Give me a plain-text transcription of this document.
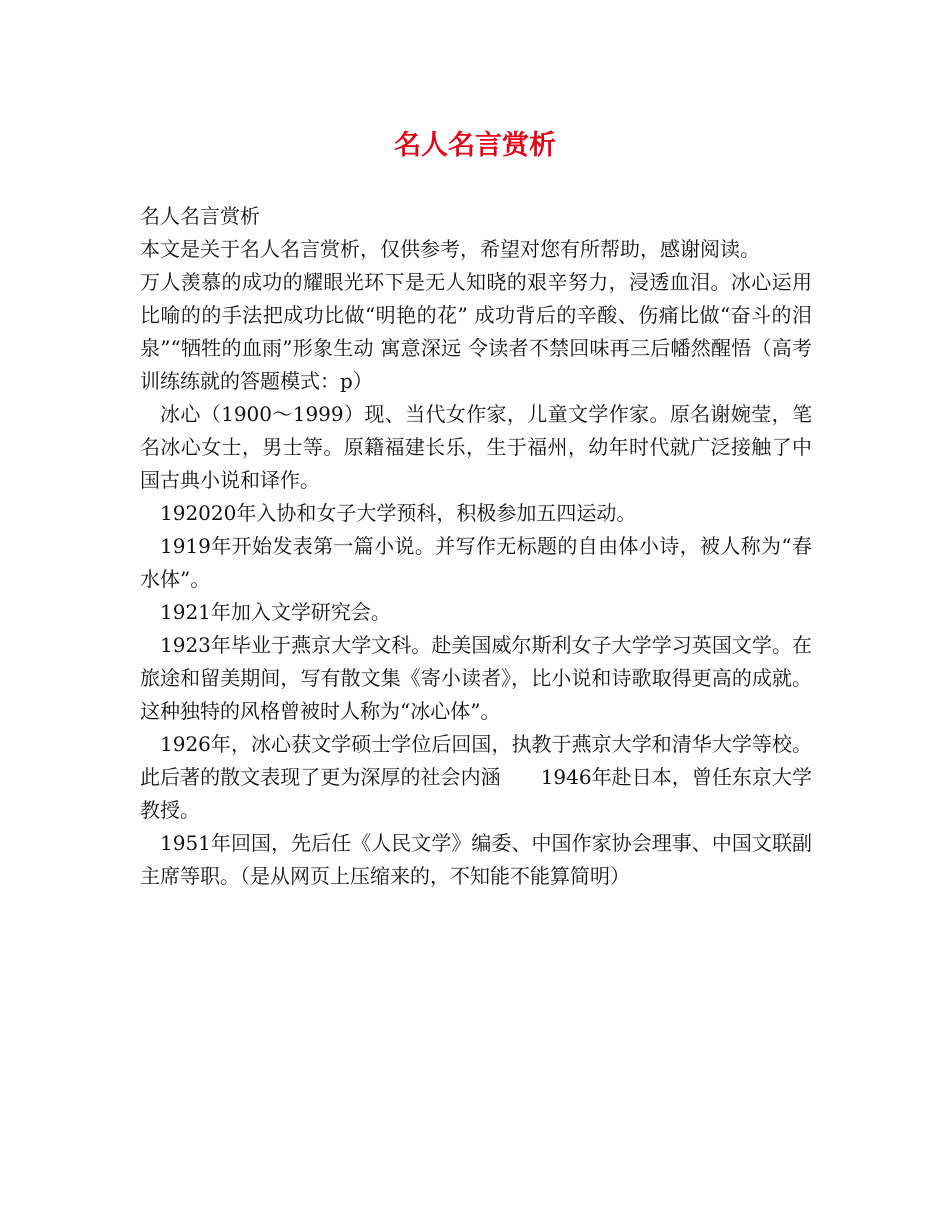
名人名言赏析

名人名言赏析

本文是关于名人名言赏析，仅供参考，希望对您有所帮助，感谢阅读。

万人羡慕的成功的耀眼光环下是无人知晓的艰辛努力，浸透血泪。冰心运用比喻的的手法把成功比做“明艳的花” 成功背后的辛酸、伤痛比做“奋斗的泪泉”“牺牲的血雨”形象生动 寓意深远 令读者不禁回味再三后幡然醒悟（高考训练练就的答题模式：p）

冰心（1900～1999）现、当代女作家，儿童文学作家。原名谢婉莹，笔名冰心女士，男士等。原籍福建长乐，生于福州，幼年时代就广泛接触了中国古典小说和译作。

192020年入协和女子大学预科，积极参加五四运动。

1919年开始发表第一篇小说。并写作无标题的自由体小诗，被人称为“春水体”。

1921年加入文学研究会。

1923年毕业于燕京大学文科。赴美国威尔斯利女子大学学习英国文学。在旅途和留美期间，写有散文集《寄小读者》，比小说和诗歌取得更高的成就。这种独特的风格曾被时人称为“冰心体”。

1926年，冰心获文学硕士学位后回国，执教于燕京大学和清华大学等校。此后著的散文表现了更为深厚的社会内涵　　1946年赴日本，曾任东京大学教授。

1951年回国，先后任《人民文学》编委、中国作家协会理事、中国文联副主席等职。（是从网页上压缩来的，不知能不能算简明）
